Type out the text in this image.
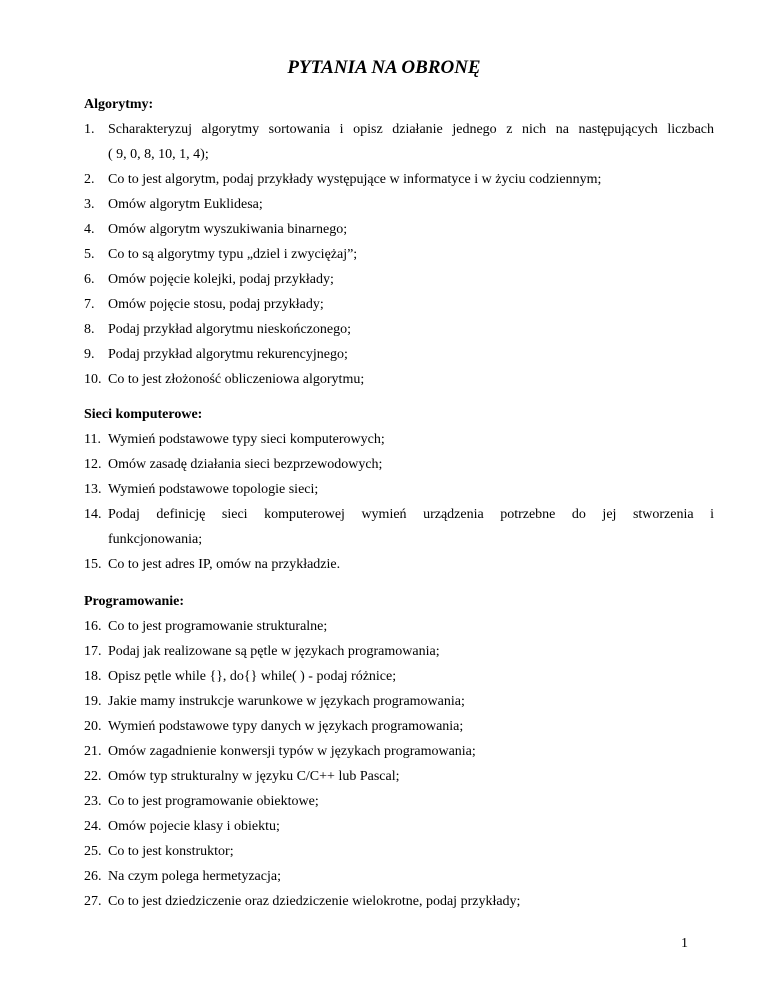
PYTANIA NA OBRONĘ
Algorytmy:
1. Scharakteryzuj algorytmy sortowania i opisz działanie jednego z nich na następujących liczbach
( 9, 0, 8, 10, 1, 4);
2. Co to jest algorytm, podaj przykłady występujące w informatyce i w życiu codziennym;
3. Omów algorytm Euklidesa;
4. Omów algorytm wyszukiwania binarnego;
5. Co to są algorytmy typu „dziel i zwyciężaj”;
6. Omów pojęcie kolejki, podaj przykłady;
7. Omów pojęcie stosu, podaj przykłady;
8. Podaj przykład algorytmu nieskończonego;
9. Podaj przykład algorytmu rekurencyjnego;
10. Co to jest złożoność obliczeniowa algorytmu;
Sieci komputerowe:
11. Wymień podstawowe typy sieci komputerowych;
12. Omów zasadę działania sieci bezprzewodowych;
13. Wymień podstawowe topologie sieci;
14. Podaj definicję sieci komputerowej wymień urządzenia potrzebne do jej stworzenia i
funkcjonowania;
15. Co to jest adres IP, omów na przykładzie.
Programowanie:
16. Co to jest programowanie strukturalne;
17. Podaj jak realizowane są pętle w językach programowania;
18. Opisz pętle while {}, do{} while( ) - podaj różnice;
19. Jakie mamy instrukcje warunkowe w językach programowania;
20. Wymień podstawowe typy danych w językach programowania;
21. Omów zagadnienie konwersji typów w językach programowania;
22. Omów typ strukturalny w języku C/C++ lub Pascal;
23. Co to jest programowanie obiektowe;
24. Omów pojecie klasy i obiektu;
25. Co to jest konstruktor;
26. Na czym polega hermetyzacja;
27. Co to jest dziedziczenie oraz dziedziczenie wielokrotne, podaj przykłady;
1
